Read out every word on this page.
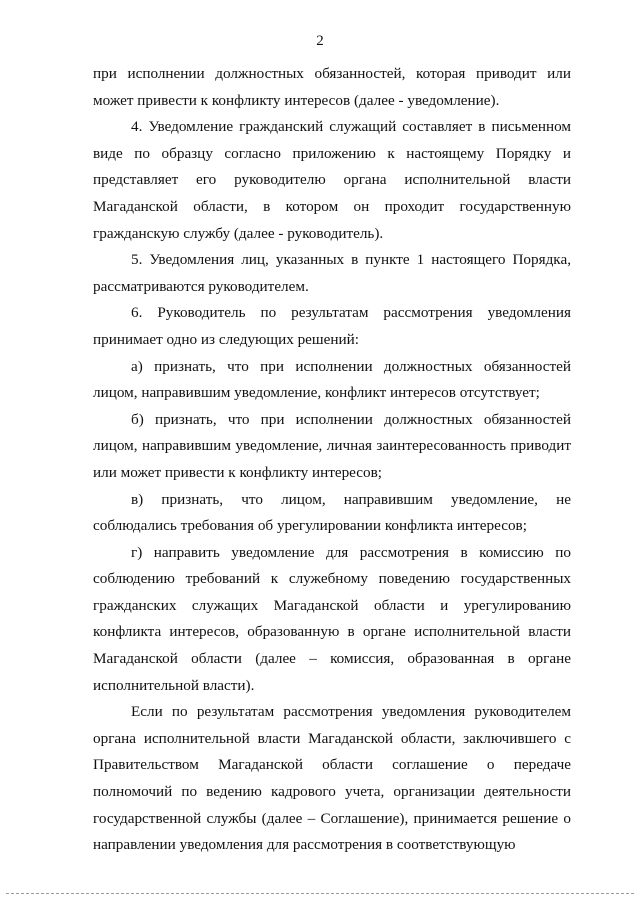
2

при исполнении должностных обязанностей, которая приводит или может привести к конфликту интересов (далее - уведомление).

4. Уведомление гражданский служащий составляет в письменном виде по образцу согласно приложению к настоящему Порядку и представляет его руководителю органа исполнительной власти Магаданской области, в котором он проходит государственную гражданскую службу (далее - руководитель).

5. Уведомления лиц, указанных в пункте 1 настоящего Порядка, рассматриваются руководителем.

6. Руководитель по результатам рассмотрения уведомления принимает одно из следующих решений:

а) признать, что при исполнении должностных обязанностей лицом, направившим уведомление, конфликт интересов отсутствует;

б) признать, что при исполнении должностных обязанностей лицом, направившим уведомление, личная заинтересованность приводит или может привести к конфликту интересов;

в) признать, что лицом, направившим уведомление, не соблюдались требования об урегулировании конфликта интересов;

г) направить уведомление для рассмотрения в комиссию по соблюдению требований к служебному поведению государственных гражданских служащих Магаданской области и урегулированию конфликта интересов, образованную в органе исполнительной власти Магаданской области (далее – комиссия, образованная в органе исполнительной власти).

Если по результатам рассмотрения уведомления руководителем органа исполнительной власти Магаданской области, заключившего с Правительством Магаданской области соглашение о передаче полномочий по ведению кадрового учета, организации деятельности государственной службы (далее – Соглашение), принимается решение о направлении уведомления для рассмотрения в соответствующую
